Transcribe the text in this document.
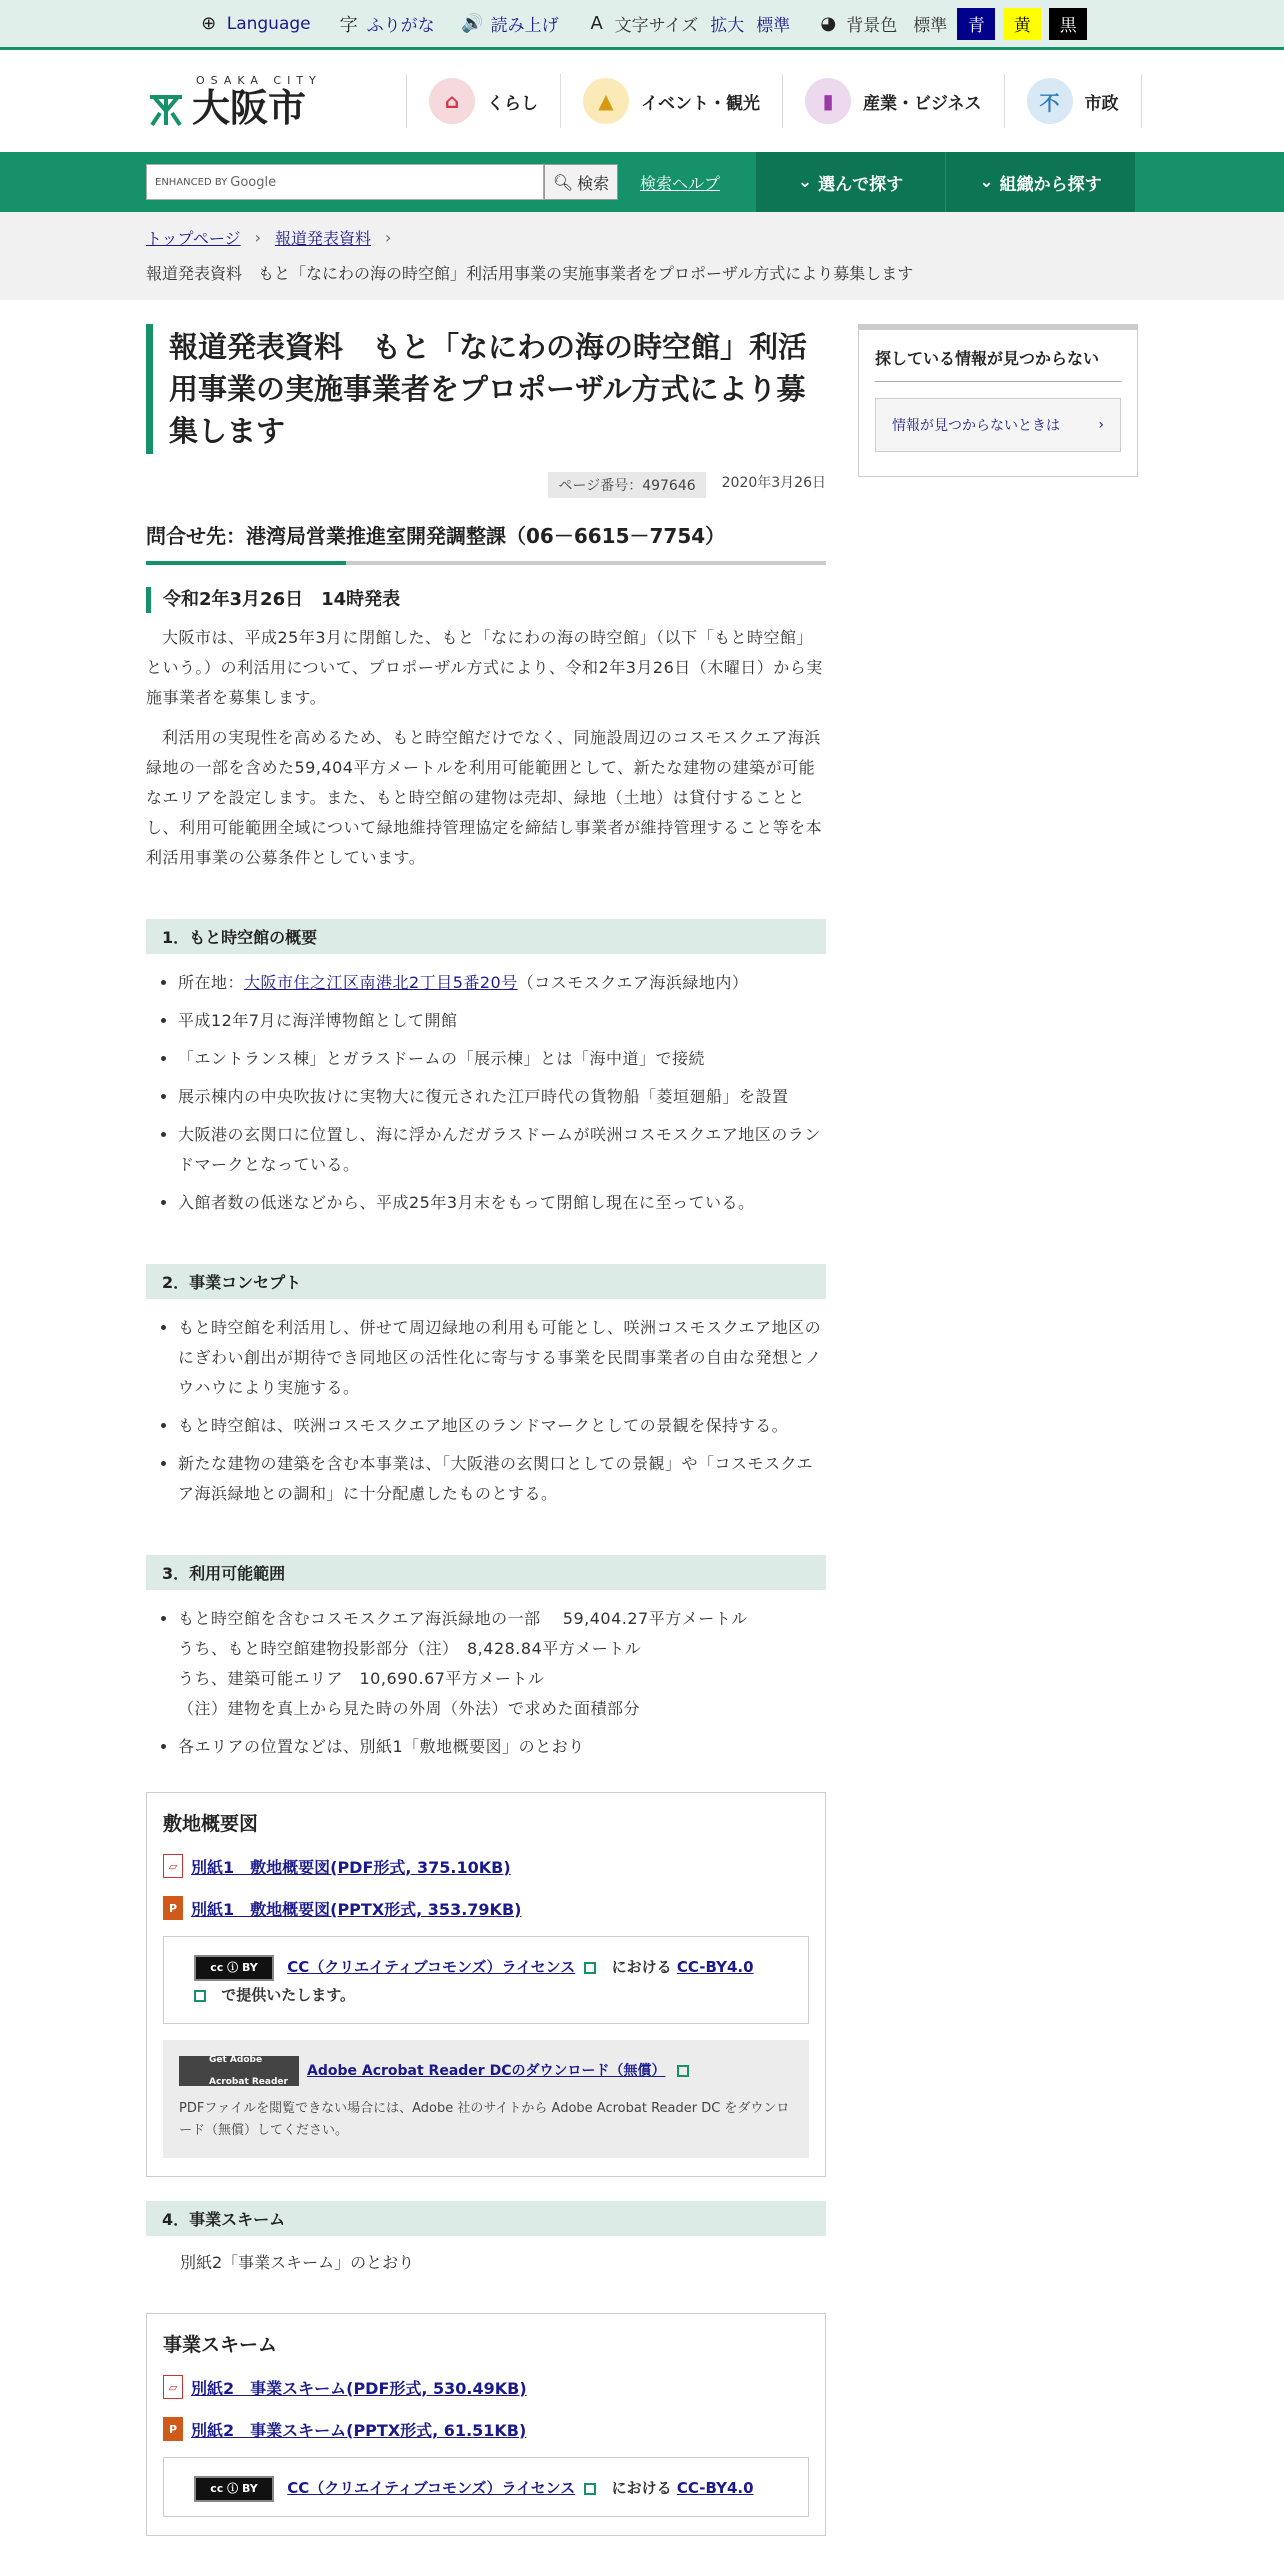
⊕ Language 字 ふりがな 🔊 読み上げ	A 文字サイズ 拡大 標準 ◕ 背景色 標準	青	黄	黒
OSAKA CITY
大阪市	⌂	くらし	▲	イベント・観光	▮	産業・ビジネス	不	市政
ENHANCED BY Google	🔍︎ 検索 検索ヘルプ	⌄ 選んで探す	⌄ 組織から探す
トップページ › 報道発表資料 ›
報道発表資料　もと「なにわの海の時空館」利活用事業の実施事業者をプロポーザル方式により募集します
報道発表資料　もと「なにわの海の時空館」利活用事業の実施事業者をプロポーザル方式により募集します
ページ番号：497646	2020年3月26日
問合せ先：港湾局営業推進室開発調整課（06－6615－7754）
令和2年3月26日　14時発表

大阪市は、平成25年3月に閉館した、もと「なにわの海の時空館」（以下「もと時空館」という。）の利活用について、プロポーザル方式により、令和2年3月26日（木曜日）から実施事業者を募集します。

利活用の実現性を高めるため、もと時空館だけでなく、同施設周辺のコスモスクエア海浜緑地の一部を含めた59,404平方メートルを利用可能範囲として、新たな建物の建築が可能なエリアを設定します。また、もと時空館の建物は売却、緑地（土地）は貸付することとし、利用可能範囲全域について緑地維持管理協定を締結し事業者が維持管理すること等を本利活用事業の公募条件としています。

1．もと時空館の概要
• 所在地：大阪市住之江区南港北2丁目5番20号（コスモスクエア海浜緑地内）
• 平成12年7月に海洋博物館として開館
• 「エントランス棟」とガラスドームの「展示棟」とは「海中道」で接続
• 展示棟内の中央吹抜けに実物大に復元された江戸時代の貨物船「菱垣廻船」を設置
• 大阪港の玄関口に位置し、海に浮かんだガラスドームが咲洲コスモスクエア地区のランドマークとなっている。
• 入館者数の低迷などから、平成25年3月末をもって閉館し現在に至っている。
2．事業コンセプト
• もと時空館を利活用し、併せて周辺緑地の利用も可能とし、咲洲コスモスクエア地区のにぎわい創出が期待でき同地区の活性化に寄与する事業を民間事業者の自由な発想とノウハウにより実施する。
• もと時空館は、咲洲コスモスクエア地区のランドマークとしての景観を保持する。
• 新たな建物の建築を含む本事業は、「大阪港の玄関口としての景観」や「コスモスクエア海浜緑地との調和」に十分配慮したものとする。
3．利用可能範囲
• もと時空館を含むコスモスクエア海浜緑地の一部　 59,404.27平方メートル
うち、もと時空館建物投影部分（注）　8,428.84平方メートル
うち、建築可能エリア　10,690.67平方メートル
（注）建物を真上から見た時の外周（外法）で求めた面積部分
• 各エリアの位置などは、別紙1「敷地概要図」のとおり
敷地概要図
▱ 別紙1　敷地概要図(PDF形式, 375.10KB)
P 別紙1　敷地概要図(PPTX形式, 353.79KB)
cc ⓘ BY CC（クリエイティブコモンズ）ライセンス における CC-BY4.0
で提供いたします。
Get Adobe Acrobat Reader
Adobe Acrobat Reader DCのダウンロード（無償）
PDFファイルを閲覧できない場合には、Adobe 社のサイトから Adobe Acrobat Reader DC をダウンロード（無償）してください。
4．事業スキーム
別紙2「事業スキーム」のとおり
事業スキーム
▱ 別紙2　事業スキーム(PDF形式, 530.49KB)
P 別紙2　事業スキーム(PPTX形式, 61.51KB)
cc ⓘ BY CC（クリエイティブコモンズ）ライセンス における CC-BY4.0
探している情報が見つからない
情報が見つからないときは	›
